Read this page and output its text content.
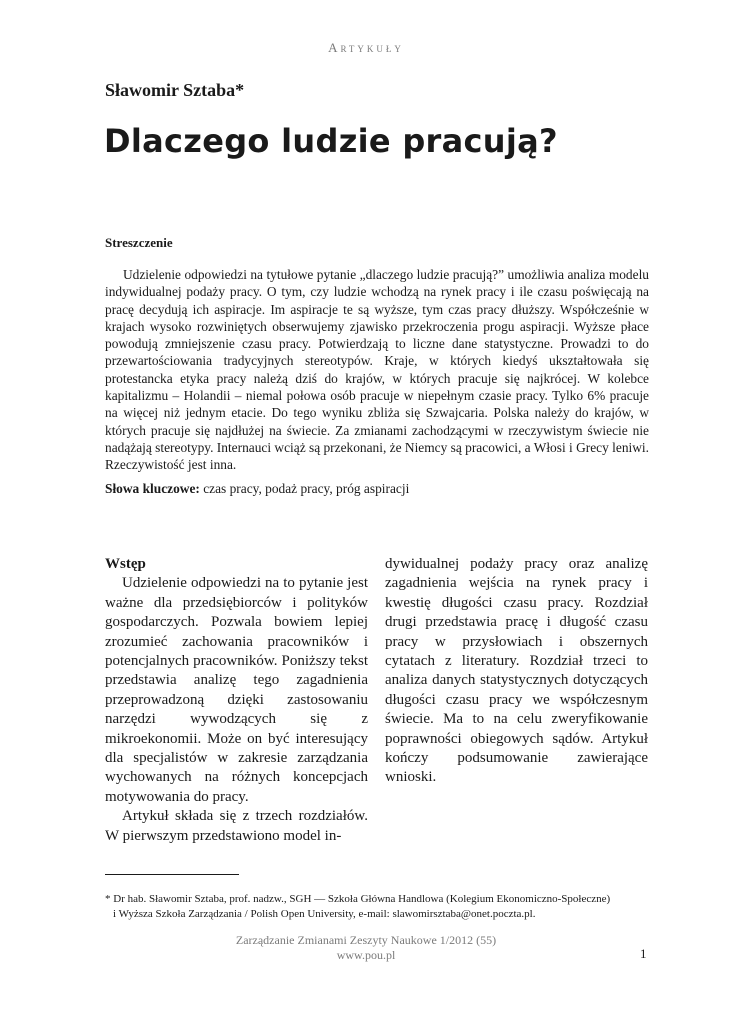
Artykuły
Sławomir Sztaba*
Dlaczego ludzie pracują?
Streszczenie

Udzielenie odpowiedzi na tytułowe pytanie „dlaczego ludzie pracują?” umożliwia analiza modelu indywidualnej podaży pracy. O tym, czy ludzie wchodzą na rynek pracy i ile czasu poświęcają na pracę decydują ich aspiracje. Im aspiracje te są wyższe, tym czas pracy dłuższy. Współcześnie w krajach wysoko rozwiniętych obserwujemy zjawisko przekroczenia progu aspiracji. Wyższe płace powodują zmniejszenie czasu pracy. Potwierdzają to liczne dane statystyczne. Prowadzi to do przewartościowania tradycyjnych stereotypów. Kraje, w których kiedyś ukształtowała się protestancka etyka pracy należą dziś do krajów, w których pracuje się najkrócej. W kolebce kapitalizmu – Holandii – niemal połowa osób pracuje w niepełnym czasie pracy. Tylko 6% pracuje na więcej niż jednym etacie. Do tego wyniku zbliża się Szwajcaria. Polska należy do krajów, w których pracuje się najdłużej na świecie. Za zmianami zachodzącymi w rzeczywistym świecie nie nadążają stereotypy. Internauci wciąż są przekonani, że Niemcy są pracowici, a Włosi i Grecy leniwi. Rzeczywistość jest inna.

Słowa kluczowe: czas pracy, podaż pracy, próg aspiracji
Wstęp

Udzielenie odpowiedzi na to pytanie jest ważne dla przedsiębiorców i polityków gospodarczych. Pozwala bowiem lepiej zrozumieć zachowania pracowników i potencjalnych pracowników. Poniższy tekst przedstawia analizę tego zagadnienia przeprowadzoną dzięki zastosowaniu narzędzi wywodzących się z mikroekonomii. Może on być interesujący dla specjalistów w zakresie zarządzania wychowanych na różnych koncepcjach motywowania do pracy.

Artykuł składa się z trzech rozdziałów. W pierwszym przedstawiono model in-

dywidualnej podaży pracy oraz analizę zagadnienia wejścia na rynek pracy i kwestię długości czasu pracy. Rozdział drugi przedstawia pracę i długość czasu pracy w przysłowiach i obszernych cytatach z literatury. Rozdział trzeci to analiza danych statystycznych dotyczących długości czasu pracy we współczesnym świecie. Ma to na celu zweryfikowanie poprawności obiegowych sądów. Artykuł kończy podsumowanie zawierające wnioski.

* Dr hab. Sławomir Sztaba, prof. nadzw., SGH — Szkoła Główna Handlowa (Kolegium Ekonomiczno-Społeczne)
i Wyższa Szkoła Zarządzania / Polish Open University, e-mail: slawomirsztaba@onet.poczta.pl.
Zarządzanie Zmianami Zeszyty Naukowe 1/2012 (55)
www.pou.pl	1
